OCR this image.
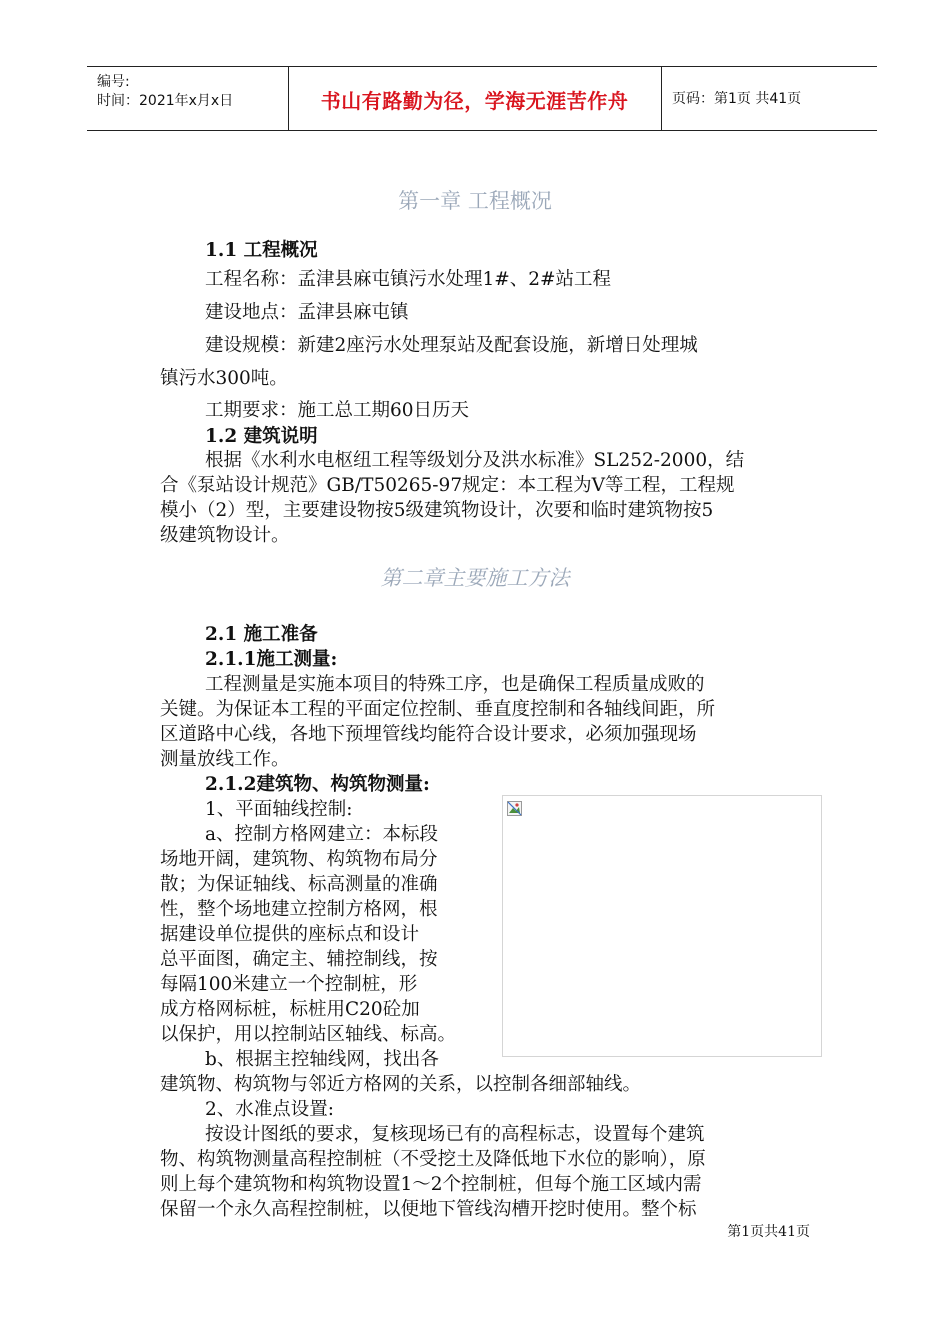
编号:
时间：2021年x月x日	书山有路勤为径，学海无涯苦作舟	页码：第1页 共41页
第一章 工程概况
1.1 工程概况
工程名称：孟津县麻屯镇污水处理1#、2#站工程
建设地点：孟津县麻屯镇
建设规模：新建2座污水处理泵站及配套设施，新增日处理城
镇污水300吨。
工期要求：施工总工期60日历天
1.2 建筑说明
根据《水利水电枢纽工程等级划分及洪水标准》SL252-2000，结
合《泵站设计规范》GB/T50265-97规定：本工程为Ⅴ等工程，工程规
模小（2）型，主要建设物按5级建筑物设计，次要和临时建筑物按5
级建筑物设计。
第二章主要施工方法
2.1 施工准备
2.1.1施工测量:
工程测量是实施本项目的特殊工序，也是确保工程质量成败的
关键。为保证本工程的平面定位控制、垂直度控制和各轴线间距，所
区道路中心线，各地下预埋管线均能符合设计要求，必须加强现场
测量放线工作。
2.1.2建筑物、构筑物测量:
1、平面轴线控制:
a、控制方格网建立：本标段
场地开阔，建筑物、构筑物布局分
散；为保证轴线、标高测量的准确
性，整个场地建立控制方格网，根
据建设单位提供的座标点和设计
总平面图，确定主、辅控制线，按
每隔100米建立一个控制桩，形
成方格网标桩，标桩用C20砼加
以保护，用以控制站区轴线、标高。
b、根据主控轴线网，找出各
建筑物、构筑物与邻近方格网的关系，以控制各细部轴线。
2、水准点设置:
按设计图纸的要求，复核现场已有的高程标志，设置每个建筑
物、构筑物测量高程控制桩（不受挖土及降低地下水位的影响），原
则上每个建筑物和构筑物设置1～2个控制桩，但每个施工区域内需
保留一个永久高程控制桩，以便地下管线沟槽开挖时使用。整个标
第1页共41页
